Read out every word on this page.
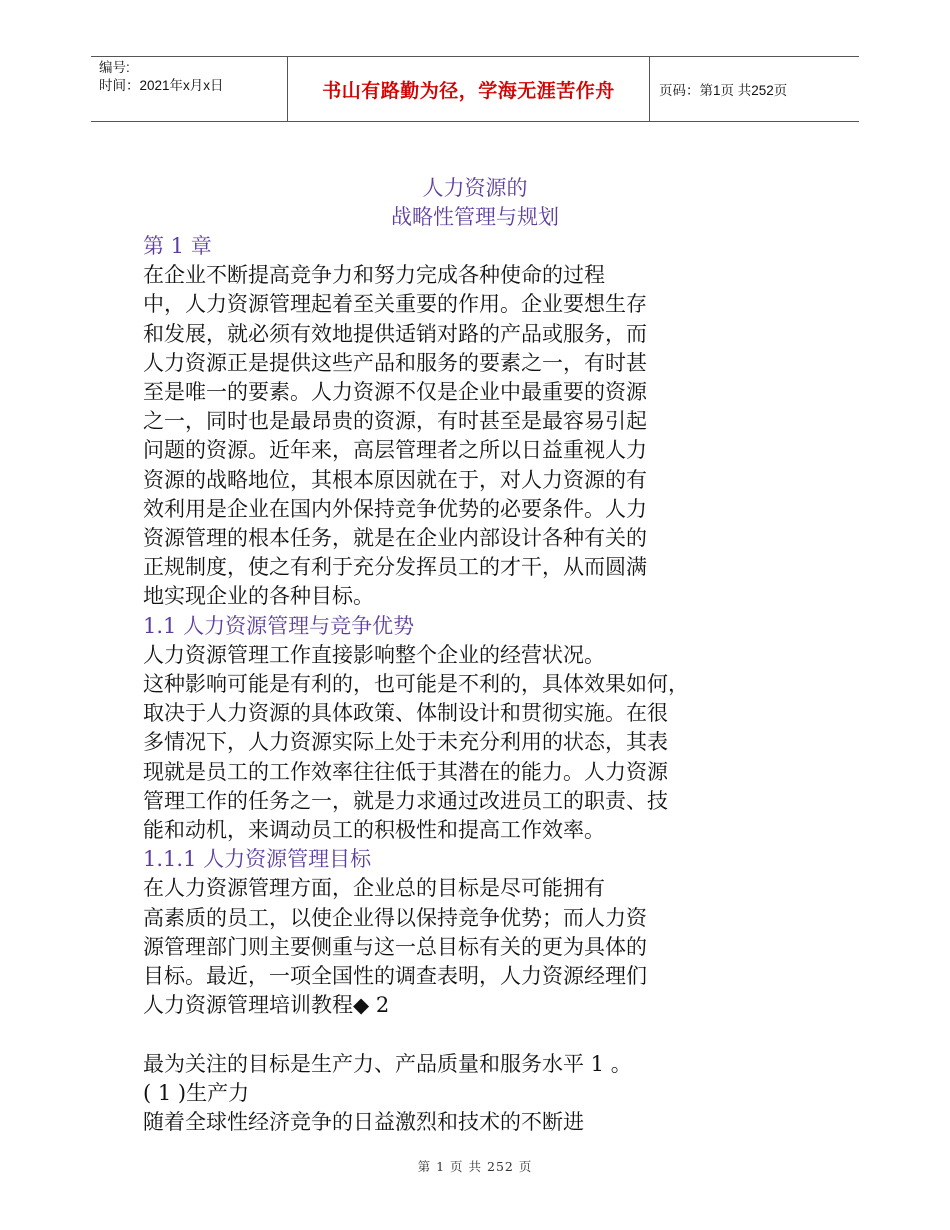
编号:
时间：2021年x月x日	书山有路勤为径，学海无涯苦作舟	页码：第1页 共252页
人力资源的
战略性管理与规划
第 1 章
在企业不断提高竞争力和努力完成各种使命的过程
中，人力资源管理起着至关重要的作用。企业要想生存
和发展，就必须有效地提供适销对路的产品或服务，而
人力资源正是提供这些产品和服务的要素之一，有时甚
至是唯一的要素。人力资源不仅是企业中最重要的资源
之一，同时也是最昂贵的资源，有时甚至是最容易引起
问题的资源。近年来，高层管理者之所以日益重视人力
资源的战略地位，其根本原因就在于，对人力资源的有
效利用是企业在国内外保持竞争优势的必要条件。人力
资源管理的根本任务，就是在企业内部设计各种有关的
正规制度，使之有利于充分发挥员工的才干，从而圆满
地实现企业的各种目标。
1.1 人力资源管理与竞争优势
人力资源管理工作直接影响整个企业的经营状况。
这种影响可能是有利的，也可能是不利的，具体效果如何，
取决于人力资源的具体政策、体制设计和贯彻实施。在很
多情况下，人力资源实际上处于未充分利用的状态，其表
现就是员工的工作效率往往低于其潜在的能力。人力资源
管理工作的任务之一，就是力求通过改进员工的职责、技
能和动机，来调动员工的积极性和提高工作效率。
1.1.1 人力资源管理目标
在人力资源管理方面，企业总的目标是尽可能拥有
高素质的员工，以使企业得以保持竞争优势；而人力资
源管理部门则主要侧重与这一总目标有关的更为具体的
目标。最近，一项全国性的调查表明，人力资源经理们
人力资源管理培训教程◆ 2
最为关注的目标是生产力、产品质量和服务水平 1 。
( 1 )生产力
随着全球性经济竞争的日益激烈和技术的不断进
第 1 页 共 252 页
